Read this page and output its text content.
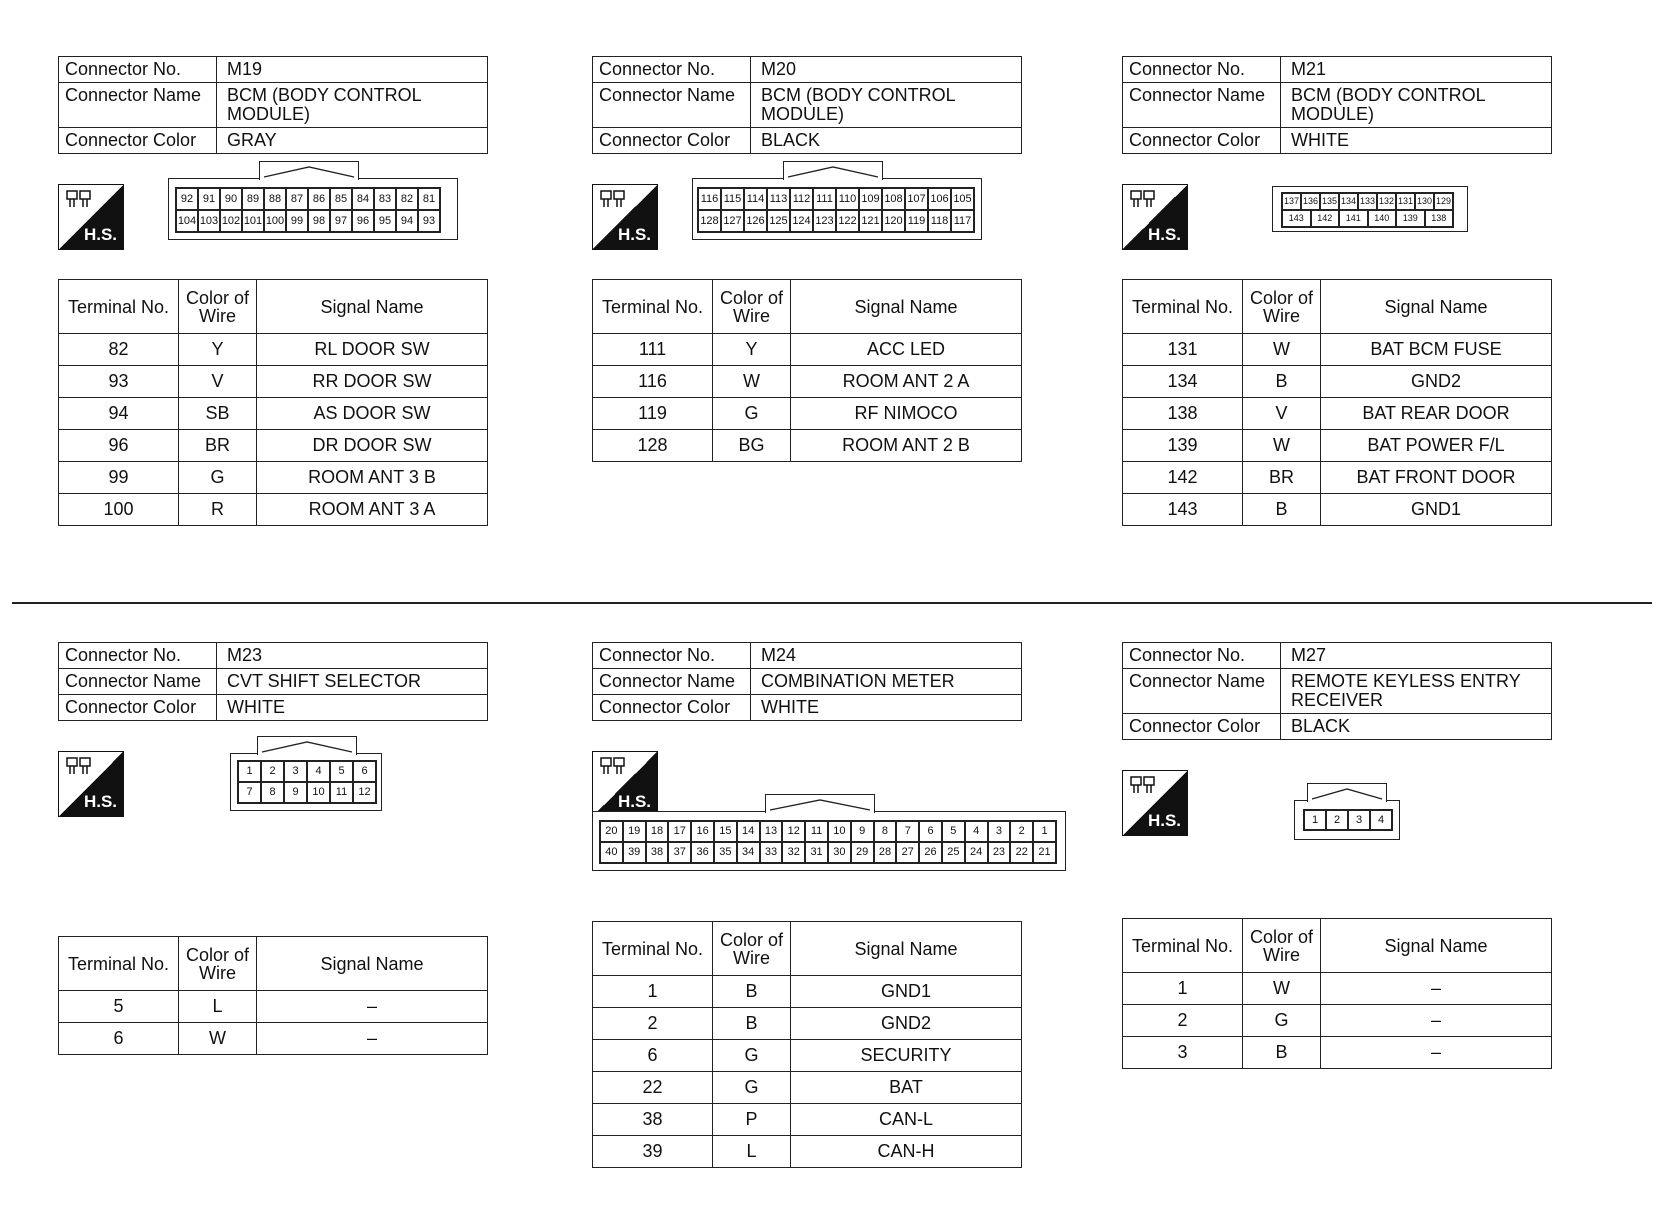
Connector No.	M19
Connector Name	BCM (BODY CONTROL MODULE)
Connector Color	GRAY
H.S.
92 91 90 89 88 87 86 85 84 83 82 81
104 103 102 101 100 99 98 97 96 95 94 93
Terminal No.	Color of Wire	Signal Name
82	Y	RL DOOR SW
93	V	RR DOOR SW
94	SB	AS DOOR SW
96	BR	DR DOOR SW
99	G	ROOM ANT 3 B
100	R	ROOM ANT 3 A
Connector No.	M20
Connector Name	BCM (BODY CONTROL MODULE)
Connector Color	BLACK
H.S.
116 115 114 113 112 111 110 109 108 107 106 105
128 127 126 125 124 123 122 121 120 119 118 117
Terminal No.	Color of Wire	Signal Name
111	Y	ACC LED
116	W	ROOM ANT 2 A
119	G	RF NIMOCO
128	BG	ROOM ANT 2 B
Connector No.	M21
Connector Name	BCM (BODY CONTROL MODULE)
Connector Color	WHITE
H.S.
137 136 135 134 133 132 131 130 129
143	142	141	140	139	138
Terminal No.	Color of Wire	Signal Name
131	W	BAT BCM FUSE
134	B	GND2
138	V	BAT REAR DOOR
139	W	BAT POWER F/L
142	BR	BAT FRONT DOOR
143	B	GND1
Connector No.	M23
Connector Name	CVT SHIFT SELECTOR
Connector Color	WHITE
H.S.
1	2	3	4	5	6
7	8	9	10	11	12
Terminal No.	Color of Wire	Signal Name
5	L	–
6	W	–
Connector No.	M24
Connector Name	COMBINATION METER
Connector Color	WHITE
H.S.
20 19 18 17 16 15 14 13 12 11 10	9	8	7	6	5	4	3	2	1
40 39 38 37 36 35 34 33 32 31 30 29 28 27 26 25 24 23 22 21
Terminal No.	Color of Wire	Signal Name
1	B	GND1
2	B	GND2
6	G	SECURITY
22	G	BAT
38	P	CAN-L
39	L	CAN-H
Connector No.	M27
Connector Name	REMOTE KEYLESS ENTRY RECEIVER
Connector Color	BLACK
H.S.	1	2	3	4
Terminal No.	Color of Wire	Signal Name
1	W	–
2	G	–
3	B	–
